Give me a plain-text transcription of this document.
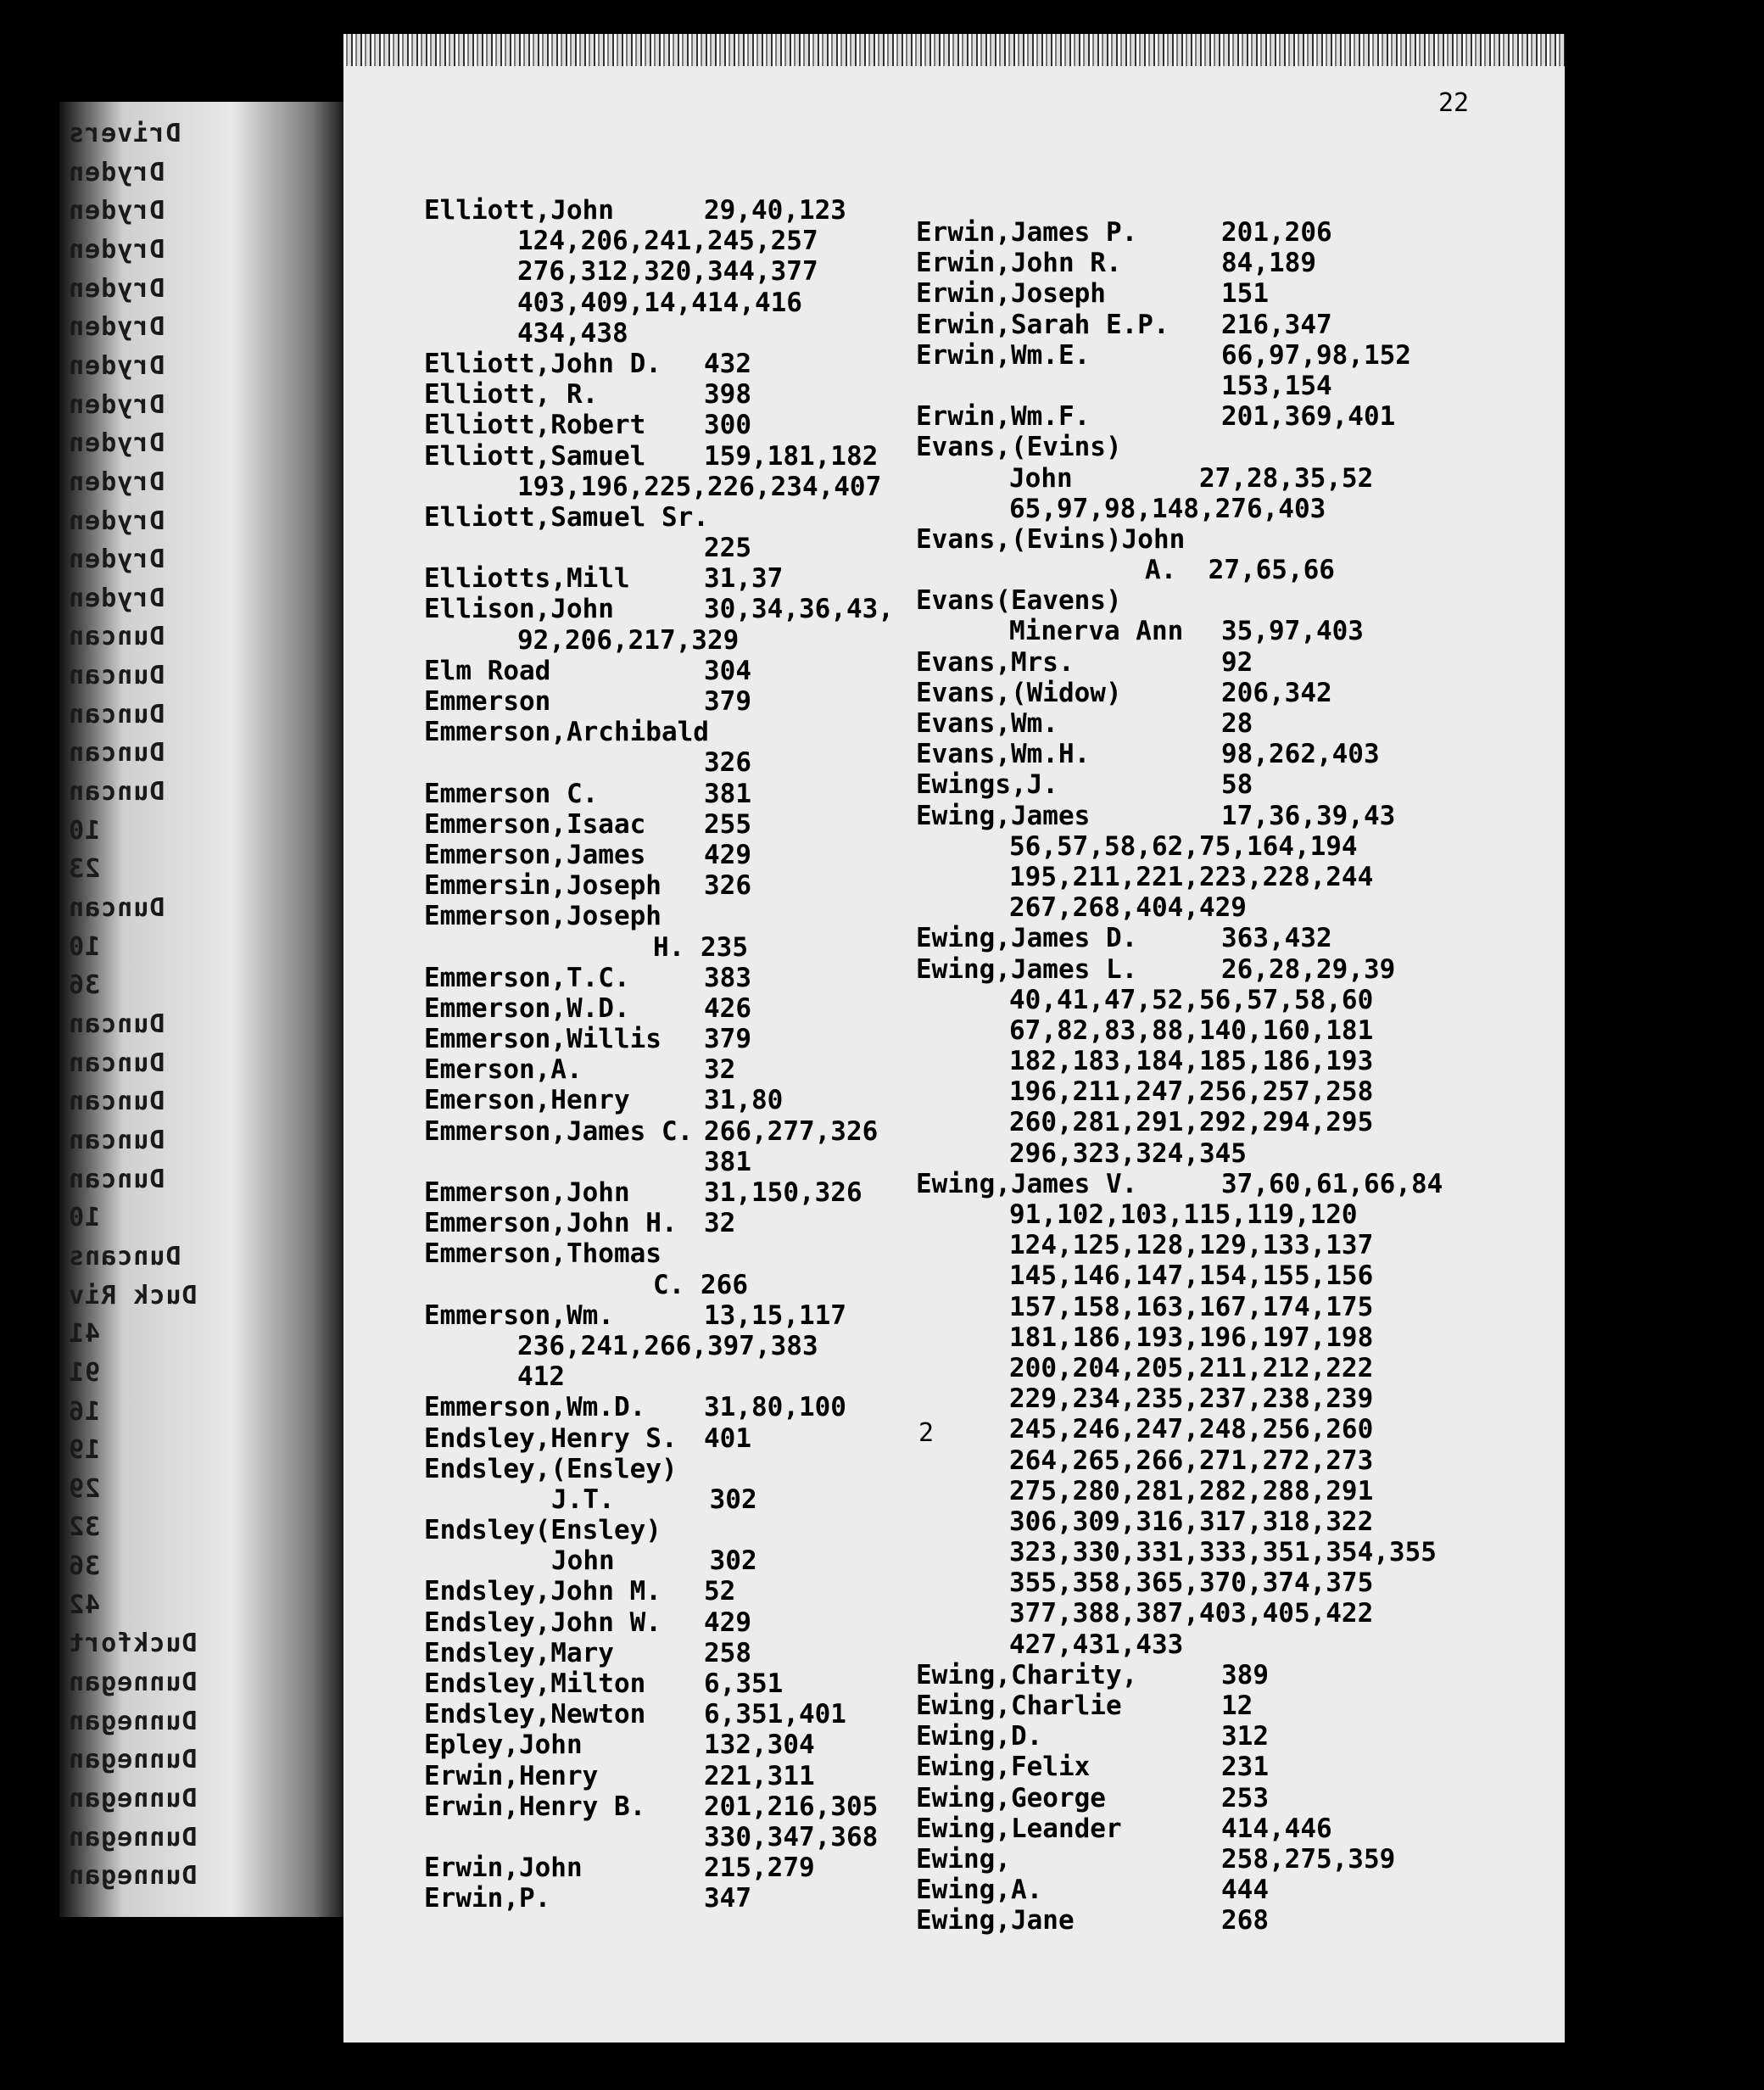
Drivers
Dryden
Dryden
Dryden
Dryden
Dryden
Dryden
Dryden
Dryden
Dryden
Dryden
Dryden
Dryden
Duncan
Duncan
Duncan
Duncan
Duncan
10
23
Duncan
10
36
Duncan
Duncan
Duncan
Duncan
Duncan
10
Duncans
Duck Riv
41
91
16
19
29
32
36
42
Duckfort
Dunnegan
Dunnegan
Dunnegan
Dunnegan
Dunnegan
Dunnegan
22
2
Elliott,John	29,40,123
124,206,241,245,257
276,312,320,344,377
403,409,14,414,416
434,438
Elliott,John D. 432
Elliott, R.	398
Elliott,Robert 300
Elliott,Samuel 159,181,182
193,196,225,226,234,407
Elliott,Samuel Sr.
225
Elliotts,Mill	31,37
Ellison,John	30,34,36,43,
92,206,217,329
Elm Road	304
Emmerson	379
Emmerson,Archibald
326
Emmerson C.	381
Emmerson,Isaac 255
Emmerson,James 429
Emmersin,Joseph 326
Emmerson,Joseph
H. 235
Emmerson,T.C.	383
Emmerson,W.D.	426
Emmerson,Willis 379
Emerson,A.	32
Emerson,Henry	31,80
Emmerson,James C. 266,277,326
381
Emmerson,John	31,150,326
Emmerson,John H. 32
Emmerson,Thomas
C. 266
Emmerson,Wm.	13,15,117
236,241,266,397,383
412
Emmerson,Wm.D. 31,80,100
Endsley,Henry S. 401
Endsley,(Ensley)
J.T.      302
Endsley(Ensley)
John      302
Endsley,John M. 52
Endsley,John W. 429
Endsley,Mary	258
Endsley,Milton 6,351
Endsley,Newton 6,351,401
Epley,John	132,304
Erwin,Henry	221,311
Erwin,Henry B. 201,216,305
330,347,368
Erwin,John	215,279
Erwin,P.	347
Erwin,James P.	201,206
Erwin,John R.	84,189
Erwin,Joseph	151
Erwin,Sarah E.P. 216,347
Erwin,Wm.E.	66,97,98,152
153,154
Erwin,Wm.F.	201,369,401
Evans,(Evins)
John        27,28,35,52
65,97,98,148,276,403
Evans,(Evins)John
A.  27,65,66
Evans(Eavens)
Minerva Ann 35,97,403
Evans,Mrs.	92
Evans,(Widow)	206,342
Evans,Wm.	28
Evans,Wm.H.	98,262,403
Ewings,J.	58
Ewing,James	17,36,39,43
56,57,58,62,75,164,194
195,211,221,223,228,244
267,268,404,429
Ewing,James D.	363,432
Ewing,James L.	26,28,29,39
40,41,47,52,56,57,58,60
67,82,83,88,140,160,181
182,183,184,185,186,193
196,211,247,256,257,258
260,281,291,292,294,295
296,323,324,345
Ewing,James V.	37,60,61,66,84
91,102,103,115,119,120
124,125,128,129,133,137
145,146,147,154,155,156
157,158,163,167,174,175
181,186,193,196,197,198
200,204,205,211,212,222
229,234,235,237,238,239
245,246,247,248,256,260
264,265,266,271,272,273
275,280,281,282,288,291
306,309,316,317,318,322
323,330,331,333,351,354,355
355,358,365,370,374,375
377,388,387,403,405,422
427,431,433
Ewing,Charity,	389
Ewing,Charlie	12
Ewing,D.	312
Ewing,Felix	231
Ewing,George	253
Ewing,Leander	414,446
Ewing,	258,275,359
Ewing,A.	444
Ewing,Jane	268
